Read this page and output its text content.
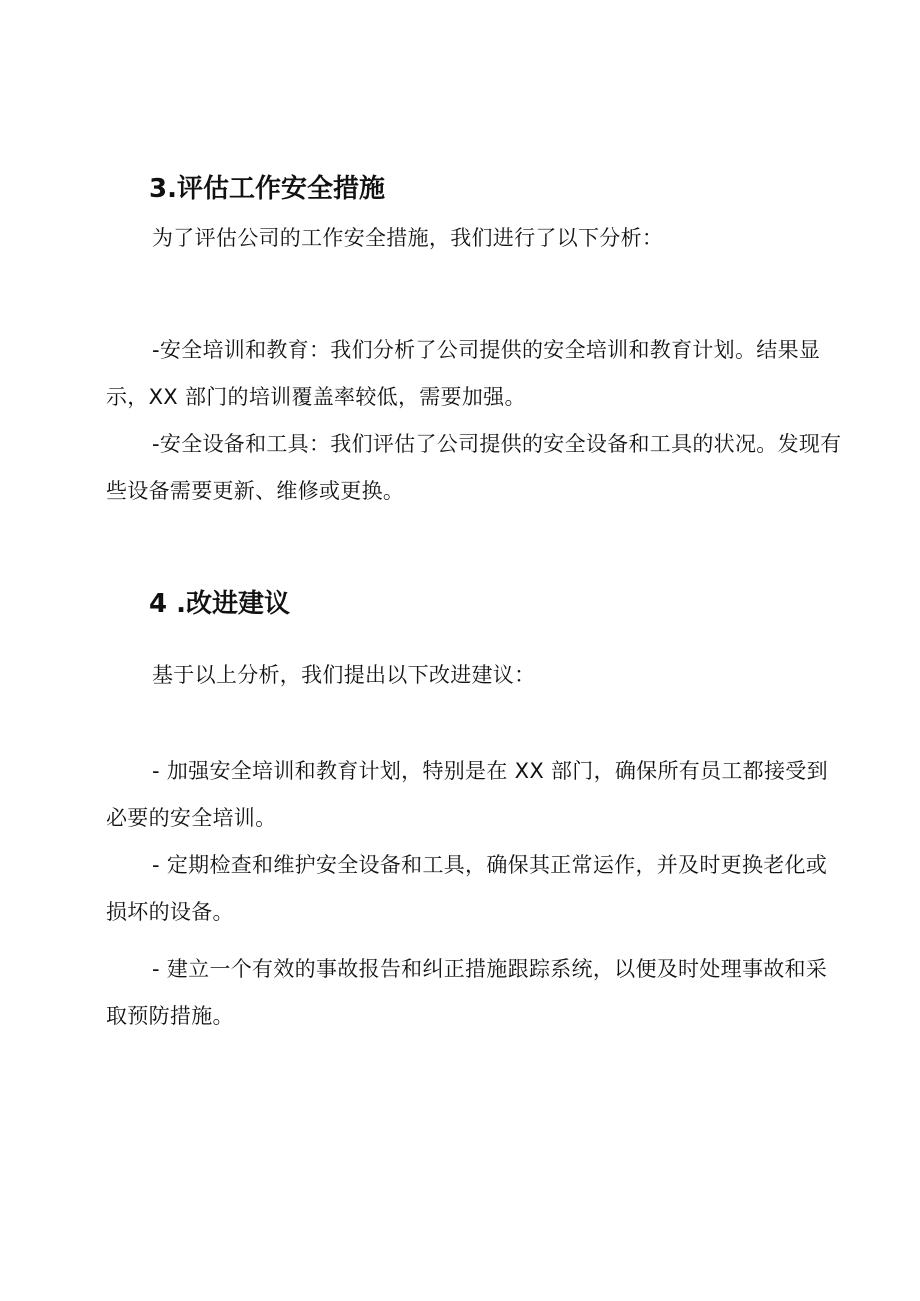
3.评估工作安全措施

为了评估公司的工作安全措施，我们进行了以下分析：

-安全培训和教育：我们分析了公司提供的安全培训和教育计划。结果显示，XX 部门的培训覆盖率较低，需要加强。

-安全设备和工具：我们评估了公司提供的安全设备和工具的状况。发现有些设备需要更新、维修或更换。

4 .改进建议

基于以上分析，我们提出以下改进建议：

- 加强安全培训和教育计划，特别是在 XX 部门，确保所有员工都接受到必要的安全培训。

- 定期检查和维护安全设备和工具，确保其正常运作，并及时更换老化或损坏的设备。

- 建立一个有效的事故报告和纠正措施跟踪系统，以便及时处理事故和采取预防措施。
